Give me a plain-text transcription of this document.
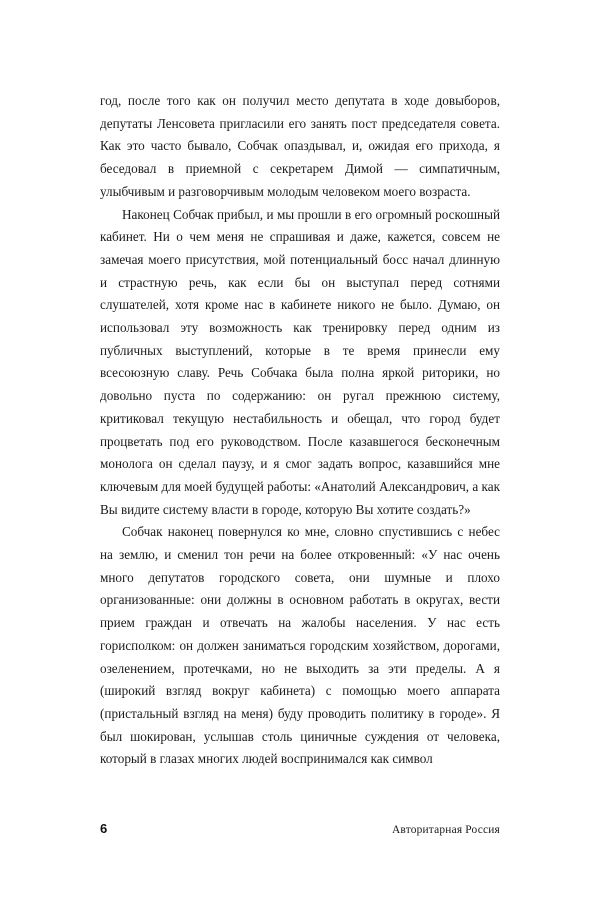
год, после того как он получил место депутата в ходе довыборов, депутаты Ленсовета пригласили его занять пост председателя совета. Как это часто бывало, Собчак опаздывал, и, ожидая его прихода, я беседовал в приемной с секретарем Димой — симпатичным, улыбчивым и разговорчивым молодым человеком моего возраста.

Наконец Собчак прибыл, и мы прошли в его огромный роскошный кабинет. Ни о чем меня не спрашивая и даже, кажется, совсем не замечая моего присутствия, мой потенциальный босс начал длинную и страстную речь, как если бы он выступал перед сотнями слушателей, хотя кроме нас в кабинете никого не было. Думаю, он использовал эту возможность как тренировку перед одним из публичных выступлений, которые в те время принесли ему всесоюзную славу. Речь Собчака была полна яркой риторики, но довольно пуста по содержанию: он ругал прежнюю систему, критиковал текущую нестабильность и обещал, что город будет процветать под его руководством. После казавшегося бесконечным монолога он сделал паузу, и я смог задать вопрос, казавшийся мне ключевым для моей будущей работы: «Анатолий Александрович, а как Вы видите систему власти в городе, которую Вы хотите создать?»

Собчак наконец повернулся ко мне, словно спустившись с небес на землю, и сменил тон речи на более откровенный: «У нас очень много депутатов городского совета, они шумные и плохо организованные: они должны в основном работать в округах, вести прием граждан и отвечать на жалобы населения. У нас есть горисполком: он должен заниматься городским хозяйством, дорогами, озеленением, протечками, но не выходить за эти пределы. А я (широкий взгляд вокруг кабинета) с помощью моего аппарата (пристальный взгляд на меня) буду проводить политику в городе». Я был шокирован, услышав столь циничные суждения от человека, который в глазах многих людей воспринимался как символ

6	Авторитарная Россия
